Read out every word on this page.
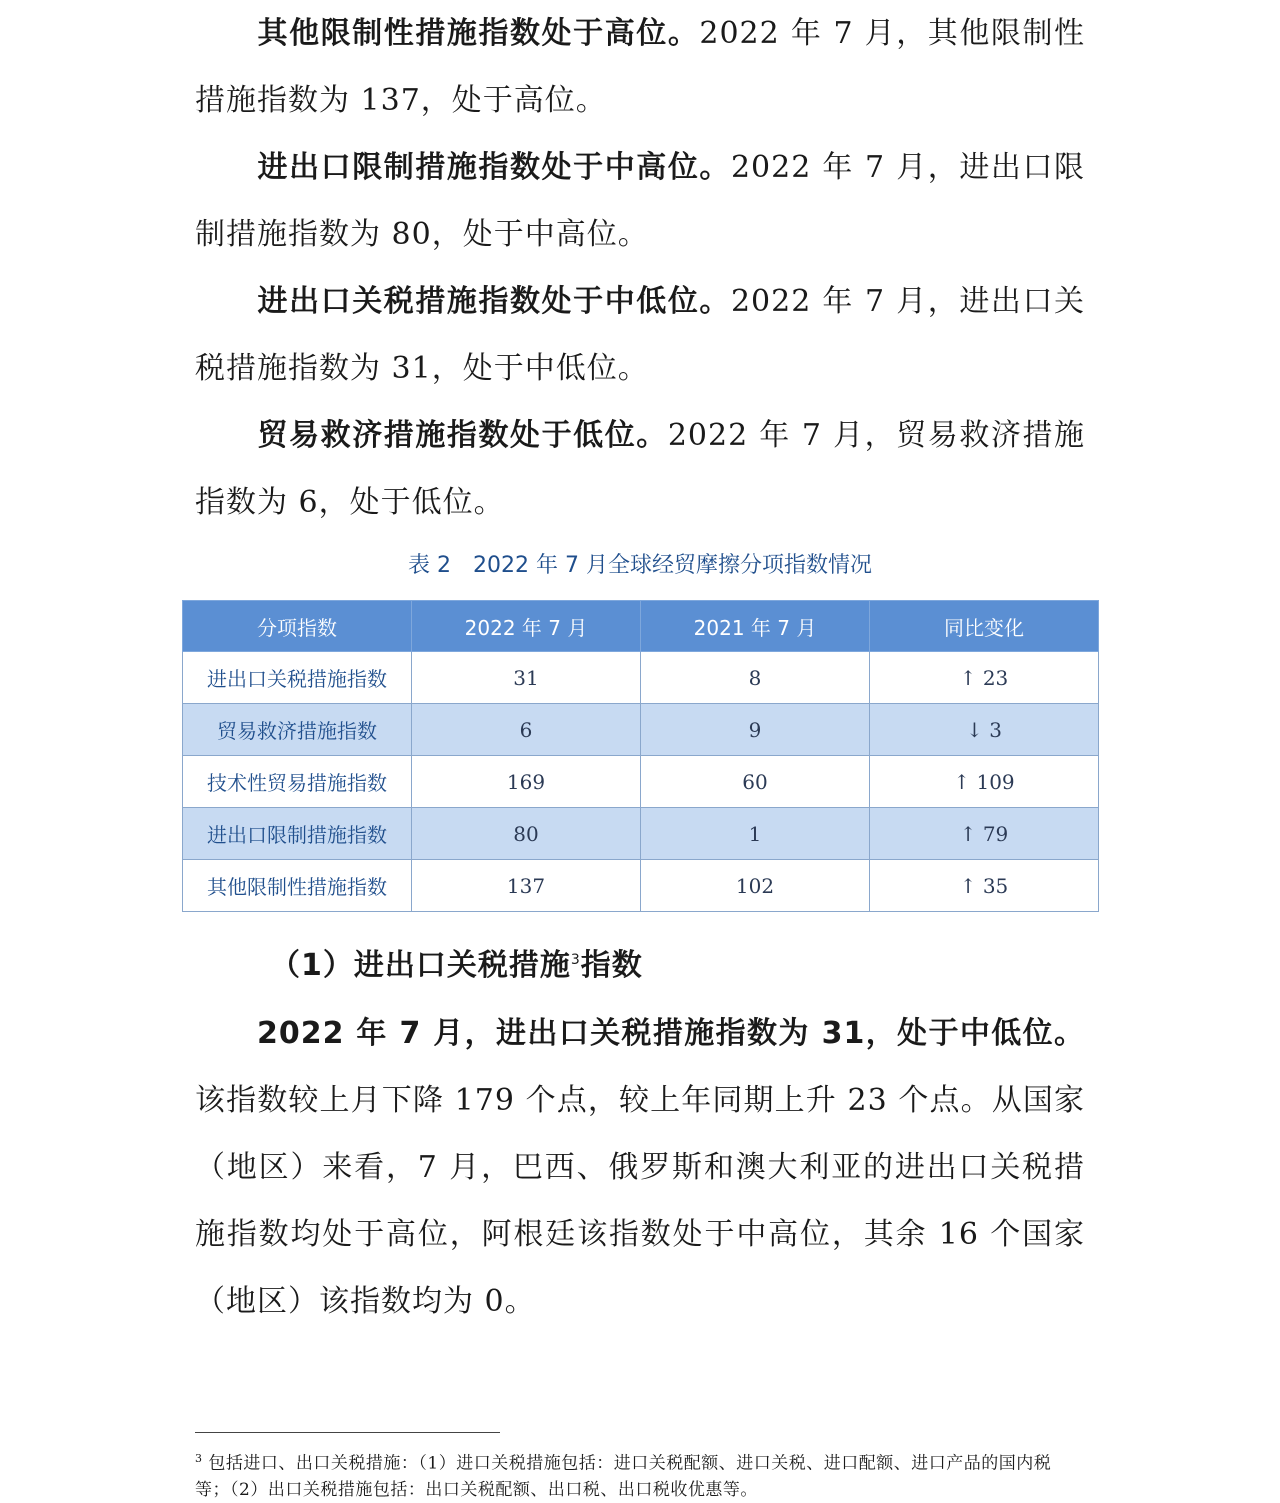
其他限制性措施指数处于高位。2022 年 7 月，其他限制性措施指数为 137，处于高位。

进出口限制措施指数处于中高位。2022 年 7 月，进出口限制措施指数为 80，处于中高位。

进出口关税措施指数处于中低位。2022 年 7 月，进出口关税措施指数为 31，处于中低位。

贸易救济措施指数处于低位。2022 年 7 月，贸易救济措施指数为 6，处于低位。

表 2　2022 年 7 月全球经贸摩擦分项指数情况

分项指数	2022 年 7 月	2021 年 7 月	同比变化
进出口关税措施指数	31	8	↑ 23
贸易救济措施指数	6	9	↓ 3
技术性贸易措施指数	169	60	↑ 109
进出口限制措施指数	80	1	↑ 79
其他限制性措施指数	137	102	↑ 35

（1）进出口关税措施$^3$指数

2022 年 7 月，进出口关税措施指数为 31，处于中低位。该指数较上月下降 179 个点，较上年同期上升 23 个点。从国家（地区）来看，7 月，巴西、俄罗斯和澳大利亚的进出口关税措施指数均处于高位，阿根廷该指数处于中高位，其余 16 个国家（地区）该指数均为 0。

$^3$ 包括进口、出口关税措施：（1）进口关税措施包括：进口关税配额、进口关税、进口配额、进口产品的国内税等；（2）出口关税措施包括：出口关税配额、出口税、出口税收优惠等。
